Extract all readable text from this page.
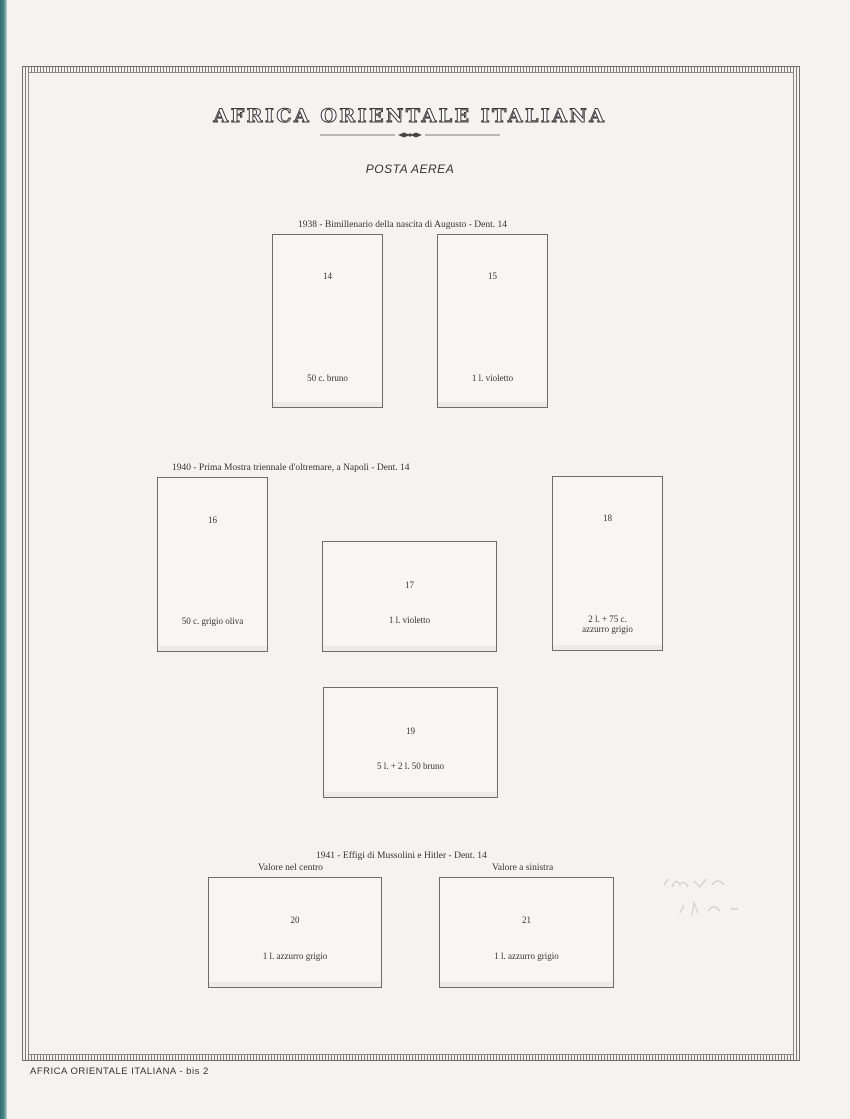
AFRICA ORIENTALE ITALIANA
POSTA AEREA
1938 - Bimillenario della nascita di Augusto - Dent. 14
14
50 c. bruno
15
1 l. violetto
1940 - Prima Mostra triennale d'oltremare, a Napoli - Dent. 14
16
50 c. grigio oliva
17
1 l. violetto
18
2 l. + 75 c.
azzurro grigio
19
5 l. + 2 l. 50 bruno
1941 - Effigi di Mussolini e Hitler - Dent. 14
Valore nel centro	Valore a sinistra
20
1 l. azzurro grigio
21
1 l. azzurro grigio
AFRICA ORIENTALE ITALIANA - bis 2
